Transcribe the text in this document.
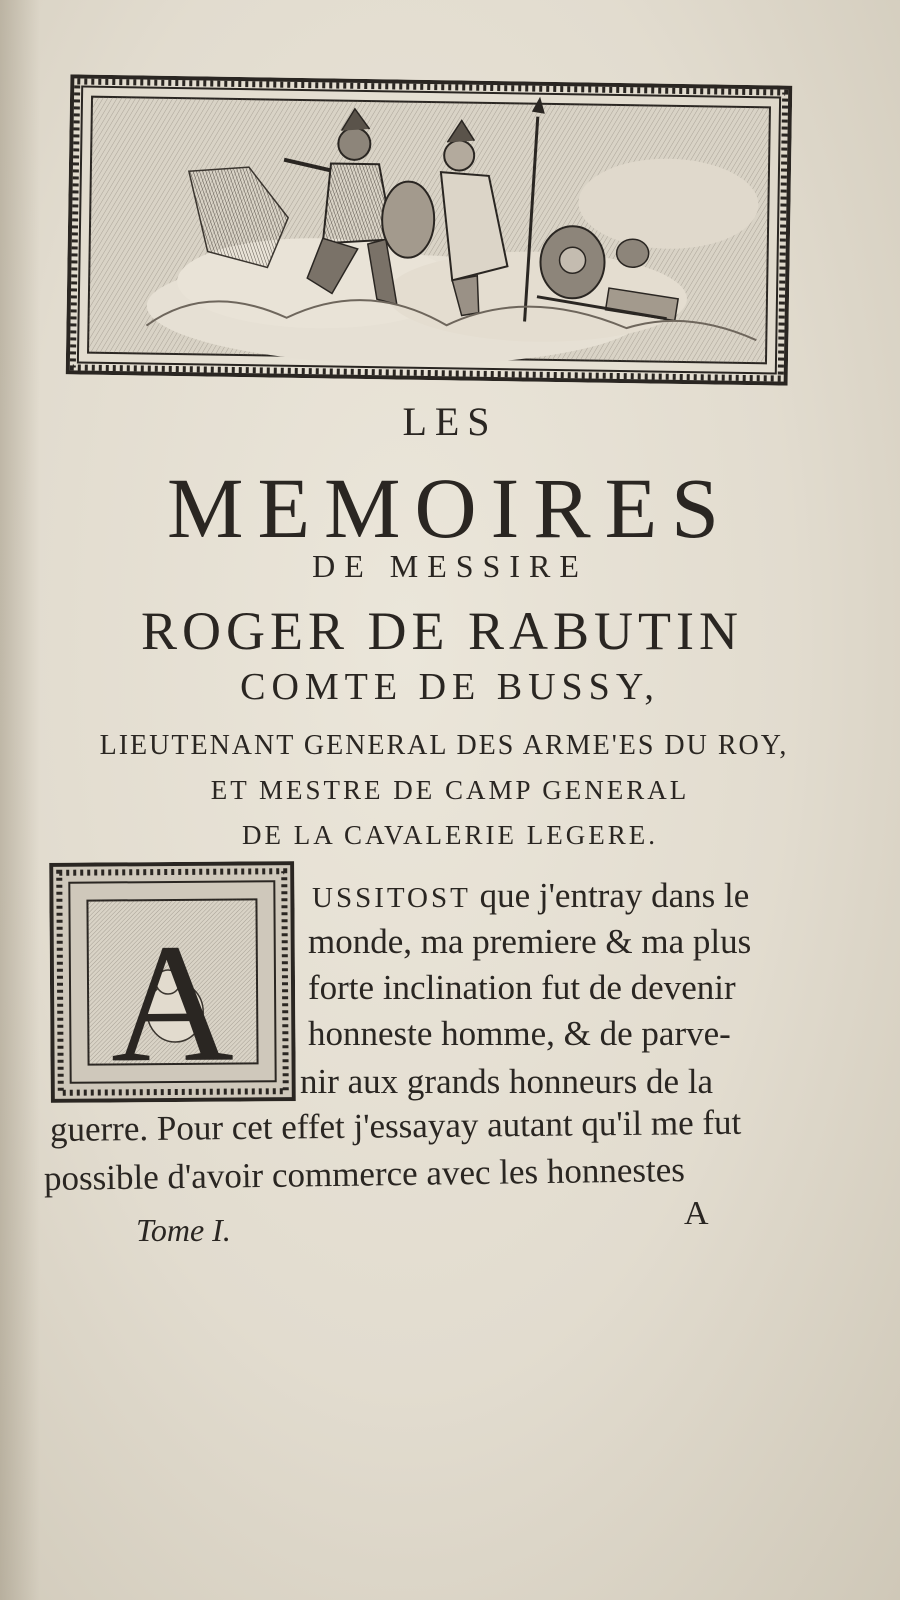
LES
MEMOIRES
DE MESSIRE
ROGER DE RABUTIN
COMTE DE BUSSY,
LIEUTENANT GENERAL DES ARME'ES DU ROY,
ET MESTRE DE CAMP GENERAL
DE LA CAVALERIE LEGERE.
A
USSITOST que j'entray dans le
monde, ma premiere & ma plus
forte inclination fut de devenir
honneste homme, & de parve-
nir aux grands honneurs de la
guerre. Pour cet effet j'essayay autant qu'il me fut
possible d'avoir commerce avec les honnestes
Tome I.	A
